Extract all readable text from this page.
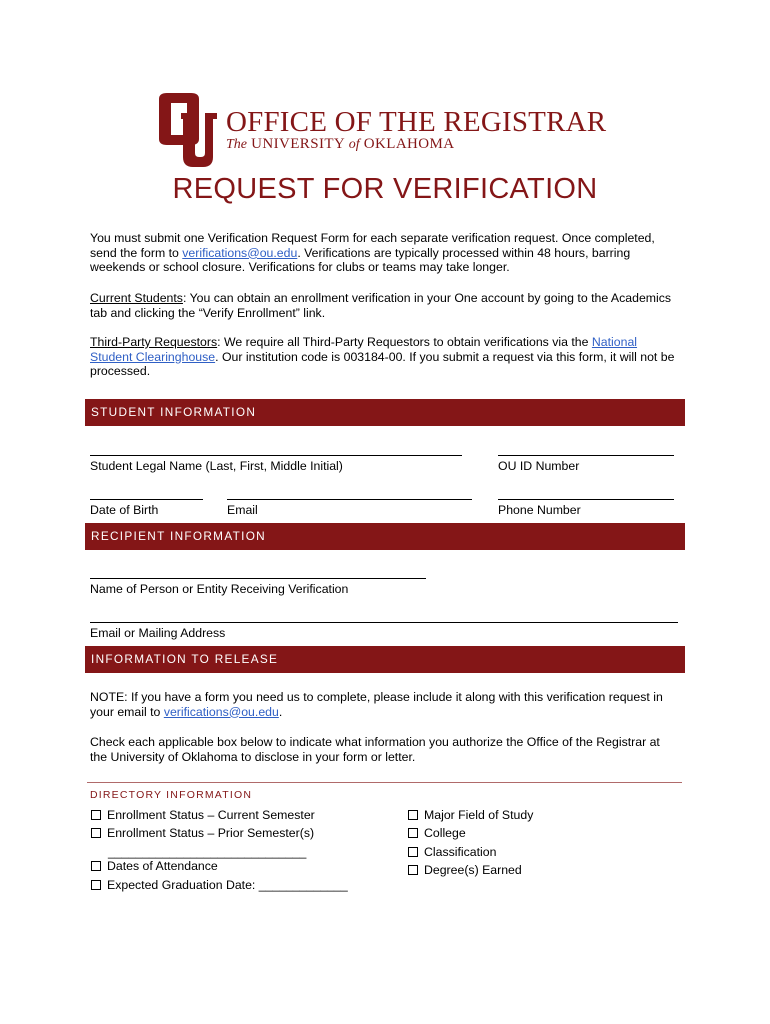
OFFICE OF THE REGISTRAR
The UNIVERSITY of OKLAHOMA
REQUEST FOR VERIFICATION

You must submit one Verification Request Form for each separate verification request. Once completed, send the form to verifications@ou.edu. Verifications are typically processed within 48 hours, barring weekends or school closure. Verifications for clubs or teams may take longer.

Current Students: You can obtain an enrollment verification in your One account by going to the Academics tab and clicking the “Verify Enrollment” link.

Third-Party Requestors: We require all Third-Party Requestors to obtain verifications via the National Student Clearinghouse. Our institution code is 003184-00. If you submit a request via this form, it will not be processed.

STUDENT INFORMATION
Student Legal Name (Last, First, Middle Initial)	OU ID Number
Date of Birth	Email	Phone Number
RECIPIENT INFORMATION
Name of Person or Entity Receiving Verification
Email or Mailing Address
INFORMATION TO RELEASE

NOTE: If you have a form you need us to complete, please include it along with this verification request in your email to verifications@ou.edu.

Check each applicable box below to indicate what information you authorize the Office of the Registrar at the University of Oklahoma to disclose in your form or letter.

DIRECTORY INFORMATION
Enrollment Status – Current Semester
Enrollment Status – Prior Semester(s)
_____________________________
Dates of Attendance
Expected Graduation Date: _____________
Major Field of Study
College
Classification
Degree(s) Earned
